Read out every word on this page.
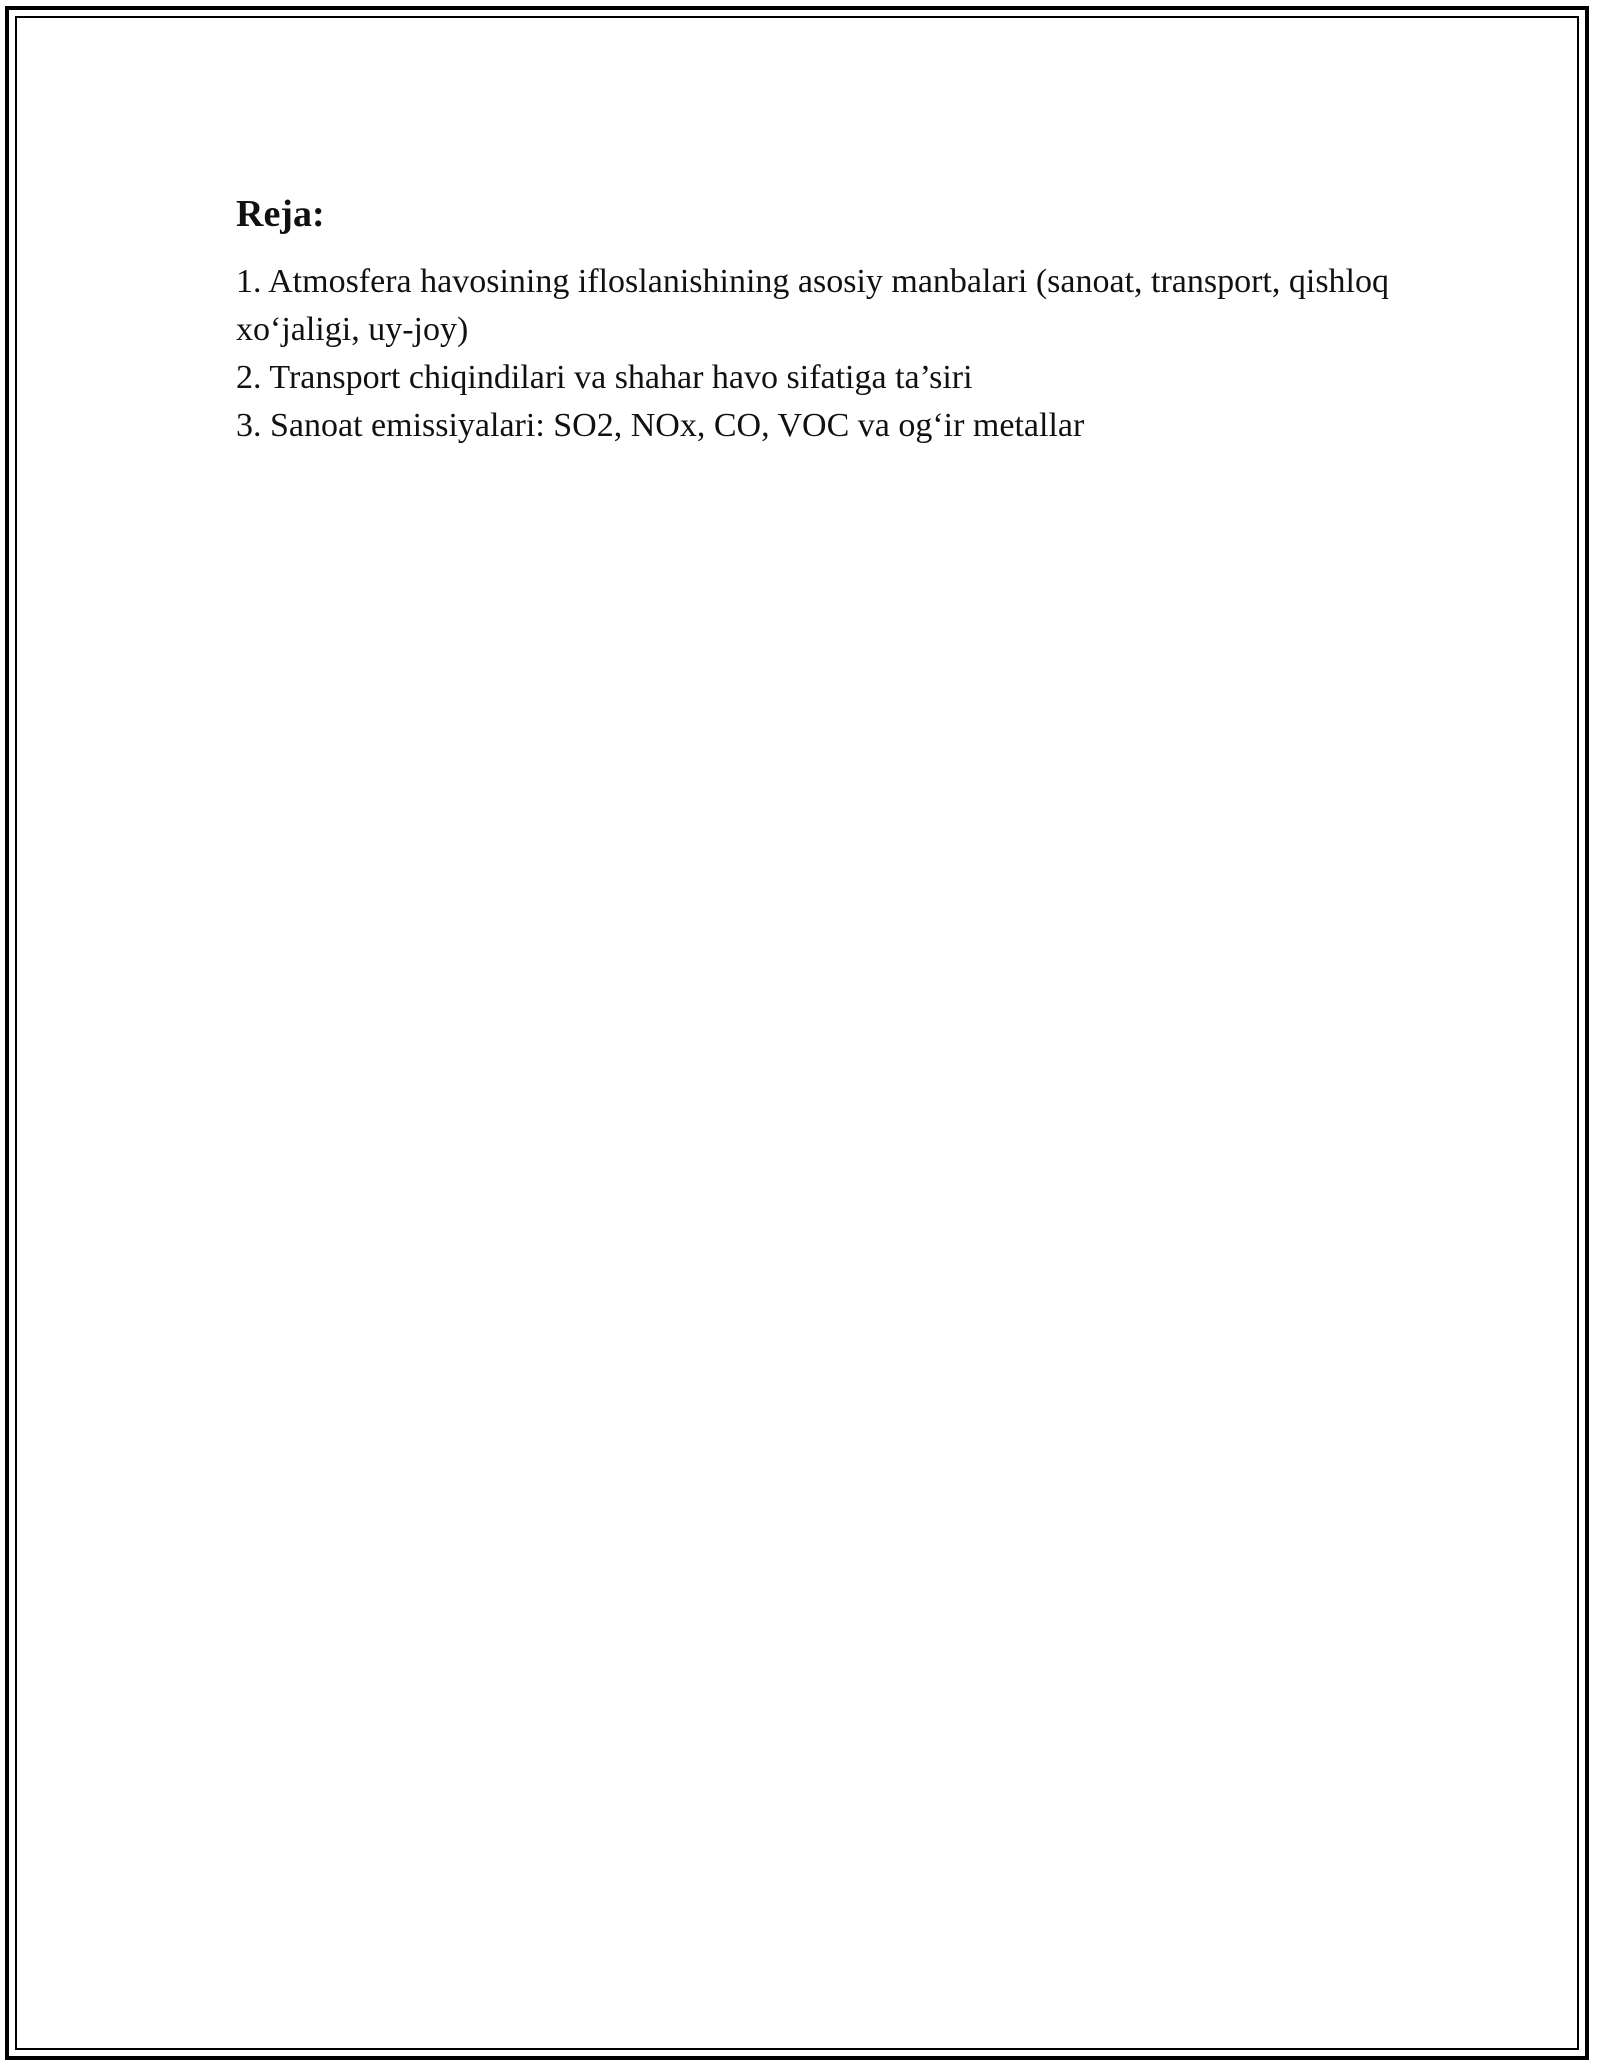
Reja:
1. Atmosfera havosining ifloslanishining asosiy manbalari (sanoat, transport, qishloq xo‘jaligi, uy-joy)
2. Transport chiqindilari va shahar havo sifatiga ta’siri
3. Sanoat emissiyalari: SO2, NOx, CO, VOC va og‘ir metallar
